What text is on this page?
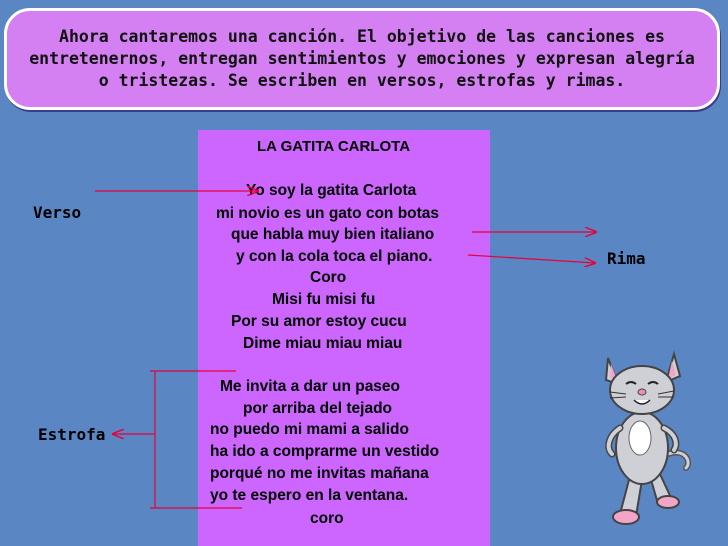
Ahora cantaremos una canción. El objetivo de las canciones es entretenernos, entregan sentimientos y emociones y expresan alegría o tristezas. Se escriben en versos, estrofas y rimas.

LA GATITA CARLOTA
Yo soy la gatita Carlota
mi novio es un gato con botas
que habla muy bien italiano
y con la cola toca el piano.
Coro
Misi fu misi fu
Por su amor estoy cucu
Dime miau miau miau
Me invita a dar un paseo
por arriba del tejado
no puedo mi mami a salido
ha ido a comprarme un vestido
porqué no me invitas mañana
yo te espero en la ventana.
coro
Verso
Rima
Estrofa
